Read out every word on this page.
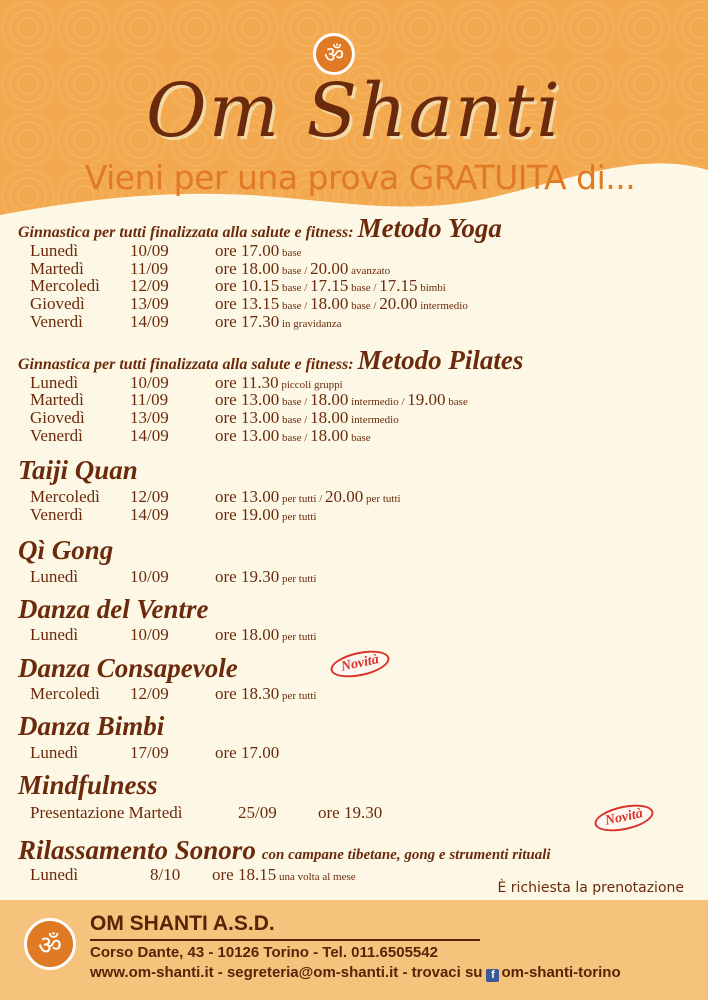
ॐ
Om Shanti
Vieni per una prova GRATUITA di...
Ginnastica per tutti finalizzata alla salute e fitness: Metodo Yoga
Lunedì	10/09	ore 17.00 base
Martedì	11/09	ore 18.00 base / 20.00 avanzato
Mercoledì 12/09	ore 10.15 base / 17.15 base / 17.15 bimbi
Giovedì	13/09	ore 13.15 base / 18.00 base / 20.00 intermedio
Venerdì	14/09	ore 17.30 in gravidanza
Ginnastica per tutti finalizzata alla salute e fitness: Metodo Pilates
Lunedì	10/09	ore 11.30 piccoli gruppi
Martedì	11/09	ore 13.00 base / 18.00 intermedio / 19.00 base
Giovedì	13/09	ore 13.00 base / 18.00 intermedio
Venerdì	14/09	ore 13.00 base / 18.00 base
Taiji Quan
Mercoledì 12/09	ore 13.00 per tutti / 20.00 per tutti
Venerdì	14/09	ore 19.00 per tutti
Qì Gong
Lunedì	10/09	ore 19.30 per tutti
Danza del Ventre
Lunedì	10/09	ore 18.00 per tutti
Danza Consapevole	Novità
Mercoledì 12/09	ore 18.30 per tutti
Danza Bimbi
Lunedì	17/09	ore 17.00
Mindfulness
Presentazione Martedì	25/09 ore 19.30	Novità
Rilassamento Sonoro con campane tibetane, gong e strumenti rituali
Lunedì	8/10 ore 18.15 una volta al mese
È richiesta la prenotazione
ॐ
OM SHANTI A.S.D.
Corso Dante, 43 - 10126 Torino - Tel. 011.6505542
www.om-shanti.it - segreteria@om-shanti.it - trovaci su f om-shanti-torino
